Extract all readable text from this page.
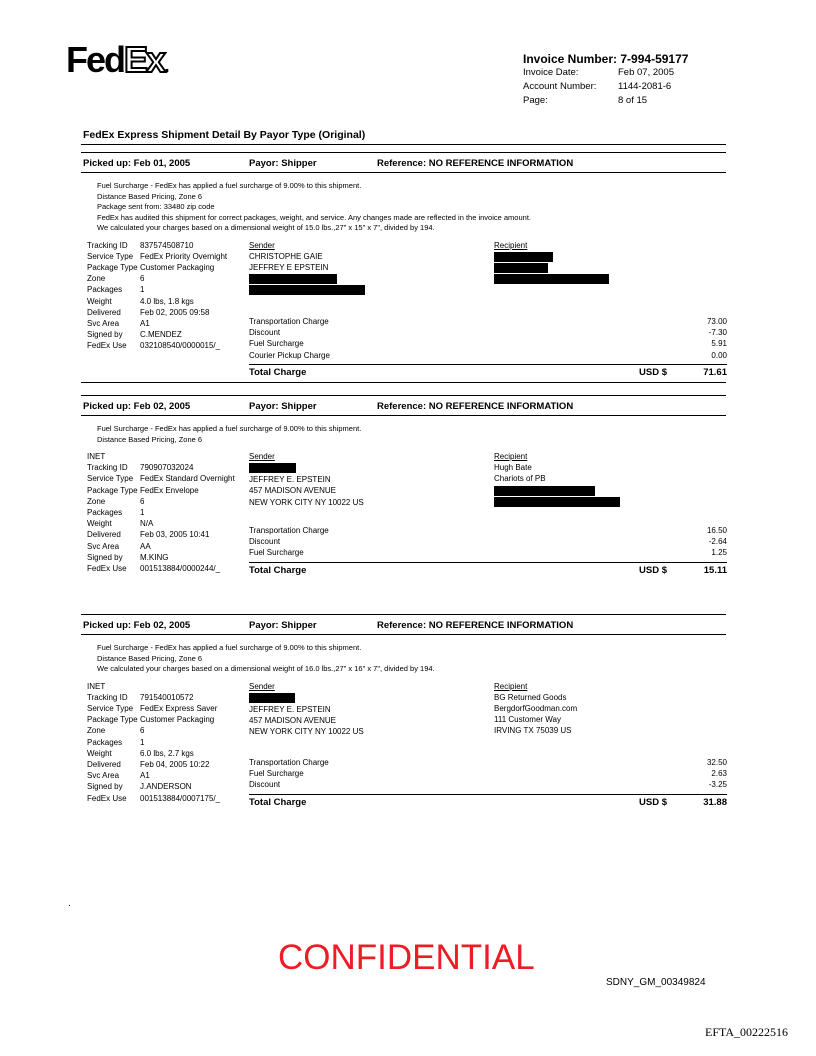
FedEx.	Invoice Number: 7-994-59177
Invoice Date:	Feb 07, 2005
Account Number: 1144-2081-6
Page:	8 of 15
FedEx Express Shipment Detail By Payor Type (Original)
Picked up: Feb 01, 2005	Payor: Shipper	Reference: NO REFERENCE INFORMATION
Fuel Surcharge - FedEx has applied a fuel surcharge of 9.00% to this shipment.
Distance Based Pricing, Zone 6
Package sent from: 33480 zip code
FedEx has audited this shipment for correct packages, weight, and service. Any changes made are reflected in the invoice amount.
We calculated your charges based on a dimensional weight of 15.0 lbs.,27" x 15" x 7", divided by 194.
Tracking ID 837574508710
Service Type FedEx Priority Overnight
Package Type Customer Packaging
Zone	6
Packages 1
Weight	4.0 lbs, 1.8 kgs
Delivered Feb 02, 2005 09:58
Svc Area	A1
Signed by C.MENDEZ
FedEx Use 032108540/0000015/_
Sender
CHRISTOPHE GAIE
JEFFREY E EPSTEIN
Recipient
Transportation Charge	73.00
Discount	-7.30
Fuel Surcharge	5.91
Courier Pickup Charge	0.00
Total Charge	USD $	71.61
Picked up: Feb 02, 2005	Payor: Shipper	Reference: NO REFERENCE INFORMATION
Fuel Surcharge - FedEx has applied a fuel surcharge of 9.00% to this shipment.
Distance Based Pricing, Zone 6
INET
Tracking ID 790907032024
Service Type FedEx Standard Overnight
Package Type FedEx Envelope
Zone	6
Packages 1
Weight	N/A
Delivered Feb 03, 2005 10:41
Svc Area	AA
Signed by M.KING
FedEx Use 001513884/0000244/_
Sender
JEFFREY E. EPSTEIN
457 MADISON AVENUE
NEW YORK CITY NY 10022 US
Recipient
Hugh Bate
Chariots of PB
Transportation Charge	16.50
Discount	-2.64
Fuel Surcharge	1.25
Total Charge	USD $	15.11
Picked up: Feb 02, 2005	Payor: Shipper	Reference: NO REFERENCE INFORMATION
Fuel Surcharge - FedEx has applied a fuel surcharge of 9.00% to this shipment.
Distance Based Pricing, Zone 6
We calculated your charges based on a dimensional weight of 16.0 lbs.,27" x 16" x 7", divided by 194.
INET
Tracking ID 791540010572
Service Type FedEx Express Saver
Package Type Customer Packaging
Zone	6
Packages 1
Weight	6.0 lbs, 2.7 kgs
Delivered Feb 04, 2005 10:22
Svc Area	A1
Signed by J.ANDERSON
FedEx Use 001513884/0007175/_
Sender
JEFFREY E. EPSTEIN
457 MADISON AVENUE
NEW YORK CITY NY 10022 US
Recipient
BG Returned Goods
BergdorfGoodman.com
111 Customer Way
IRVING TX 75039 US
Transportation Charge	32.50
Fuel Surcharge	2.63
Discount	-3.25
Total Charge	USD $	31.88
.
CONFIDENTIAL
SDNY_GM_00349824
EFTA_00222516
